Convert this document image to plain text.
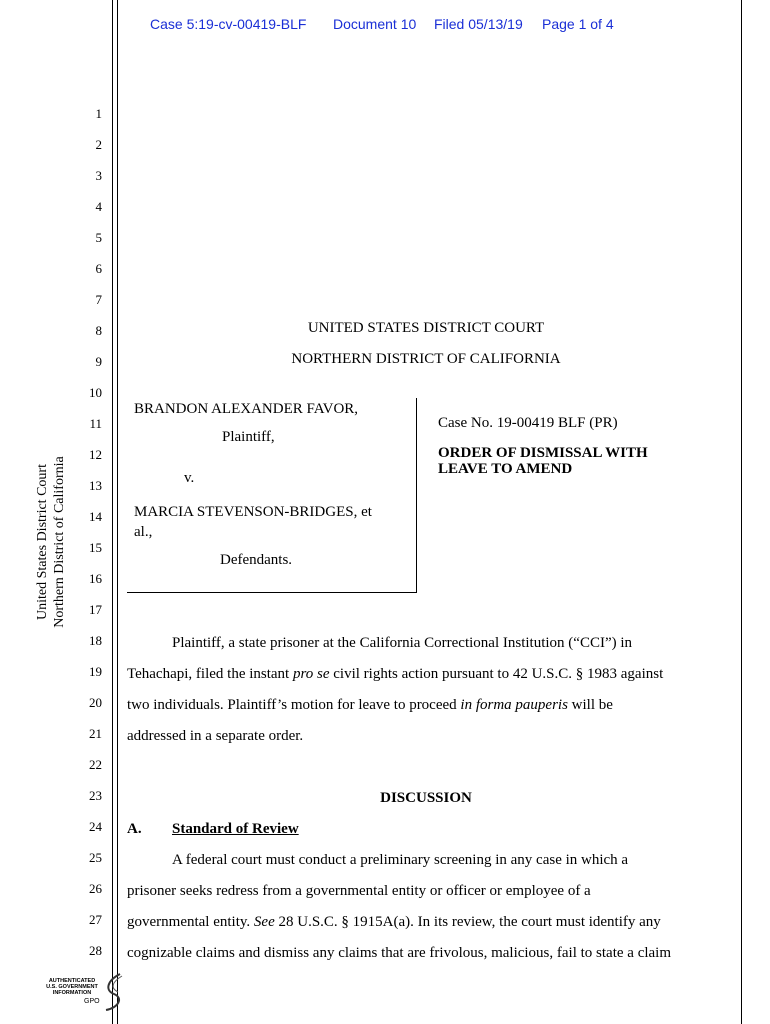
Case 5:19-cv-00419-BLF Document 10 Filed 05/13/19 Page 1 of 4
1
2
3
4
5
6
7
8
9
10
11
12
13
14
15
16
17
18
19
20
21
22
23
24
25
26
27
28
United States District Court Northern District of California
UNITED STATES DISTRICT COURT
NORTHERN DISTRICT OF CALIFORNIA
BRANDON ALEXANDER FAVOR,
Plaintiff,
v.
MARCIA STEVENSON-BRIDGES, et
al.,
Defendants.
Case No. 19-00419 BLF (PR)
ORDER OF DISMISSAL WITH
LEAVE TO AMEND
Plaintiff, a state prisoner at the California Correctional Institution (“CCI”) in
Tehachapi, filed the instant pro se civil rights action pursuant to 42 U.S.C. § 1983 against
two individuals. Plaintiff’s motion for leave to proceed in forma pauperis will be
addressed in a separate order.
DISCUSSION
A. Standard of Review
A federal court must conduct a preliminary screening in any case in which a
prisoner seeks redress from a governmental entity or officer or employee of a
governmental entity. See 28 U.S.C. § 1915A(a). In its review, the court must identify any
cognizable claims and dismiss any claims that are frivolous, malicious, fail to state a claim
AUTHENTICATED
U.S. GOVERNMENT
INFORMATION
GPO
